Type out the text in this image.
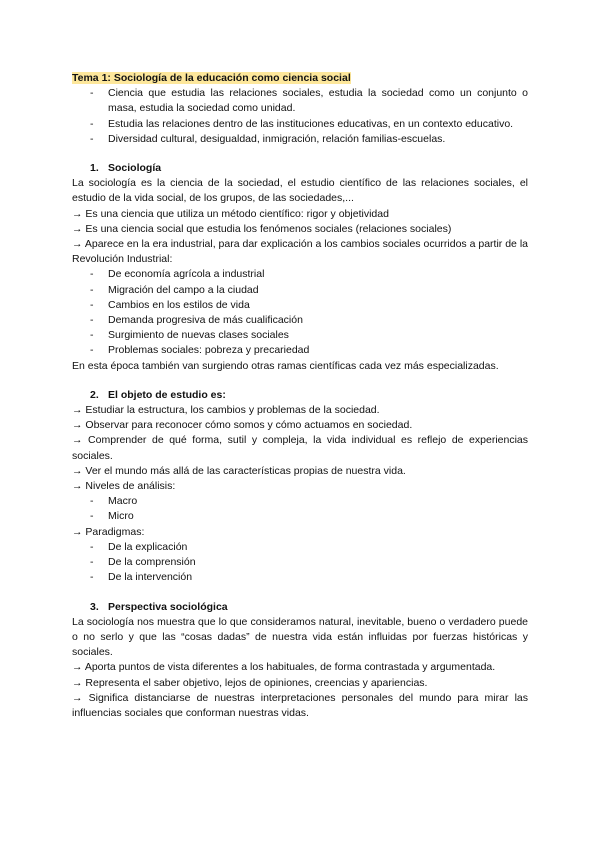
Tema 1: Sociología de la educación como ciencia social
- Ciencia que estudia las relaciones sociales, estudia la sociedad como un conjunto o masa, estudia la sociedad como unidad.
- Estudia las relaciones dentro de las instituciones educativas, en un contexto educativo.
- Diversidad cultural, desigualdad, inmigración, relación familias-escuelas.
1. Sociología

La sociología es la ciencia de la sociedad, el estudio científico de las relaciones sociales, el estudio de la vida social, de los grupos, de las sociedades,...

→ Es una ciencia que utiliza un método científico: rigor y objetividad

→ Es una ciencia social que estudia los fenómenos sociales (relaciones sociales)

→ Aparece en la era industrial, para dar explicación a los cambios sociales ocurridos a partir de la Revolución Industrial:

- De economía agrícola a industrial
- Migración del campo a la ciudad
- Cambios en los estilos de vida
- Demanda progresiva de más cualificación
- Surgimiento de nuevas clases sociales
- Problemas sociales: pobreza y precariedad

En esta época también van surgiendo otras ramas científicas cada vez más especializadas.

2. El objeto de estudio es:

→ Estudiar la estructura, los cambios y problemas de la sociedad.

→ Observar para reconocer cómo somos y cómo actuamos en sociedad.

→ Comprender de qué forma, sutil y compleja, la vida individual es reflejo de experiencias sociales.

→ Ver el mundo más allá de las características propias de nuestra vida.

→ Niveles de análisis:

- Macro
- Micro

→ Paradigmas:

- De la explicación
- De la comprensión
- De la intervención
3. Perspectiva sociológica

La sociología nos muestra que lo que consideramos natural, inevitable, bueno o verdadero puede o no serlo y que las “cosas dadas” de nuestra vida están influidas por fuerzas históricas y sociales.

→ Aporta puntos de vista diferentes a los habituales, de forma contrastada y argumentada.

→ Representa el saber objetivo, lejos de opiniones, creencias y apariencias.

→ Significa distanciarse de nuestras interpretaciones personales del mundo para mirar las influencias sociales que conforman nuestras vidas.
